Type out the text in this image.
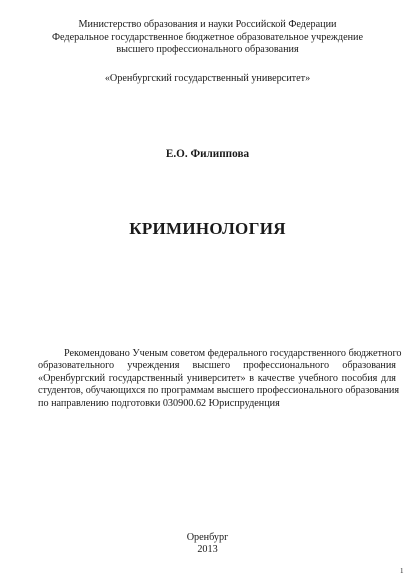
Министерство образования и науки Российской Федерации
Федеральное государственное бюджетное образовательное учреждение
высшего профессионального образования
«Оренбургский государственный университет»
Е.О. Филиппова
КРИМИНОЛОГИЯ
Рекомендовано Ученым советом федерального государственного бюджетного
образовательного учреждения высшего профессионального образования
«Оренбургский государственный университет» в качестве учебного пособия для
студентов, обучающихся по программам высшего профессионального образования
по направлению подготовки 030900.62 Юриспруденция
Оренбург
2013
1
